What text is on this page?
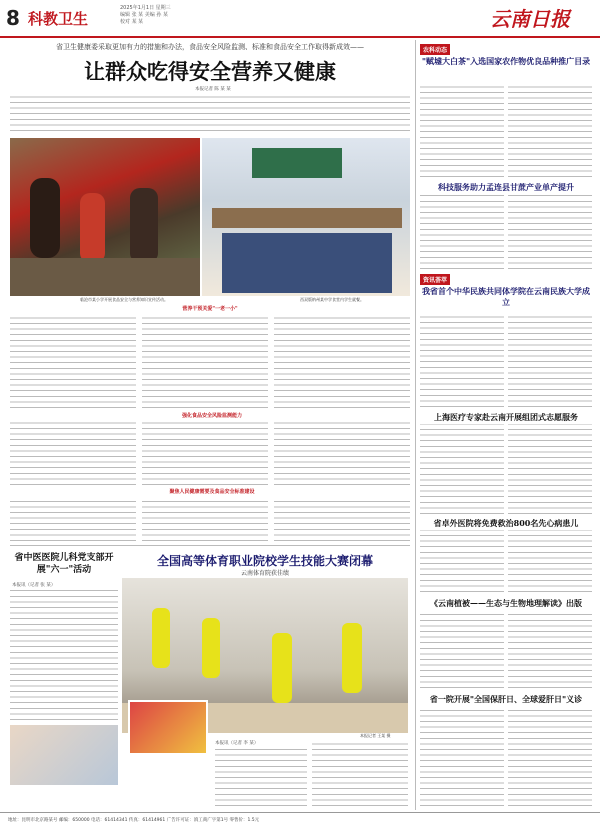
8 科教卫生
2025年1月1日 星期三
编辑 张 某 美编 孙 某
校对 某 某	云南日报
省卫生健康委采取更加有力的措施和办法，食品安全风险监测、标准和食品安全工作取得新成效——
让群众吃得安全营养又健康
本报记者 陈 某 某
临沧市某小学开展食品安全与营养知识宣传活动。	西双版纳州某中学食堂内学生就餐。
营养干预关爱"一老一小"
强化食品安全风险监测能力
聚焦人民健康需要及食品安全标准建设
省中医医院儿科党支部开展"六一"活动
本报讯（记者 张 某）
全国高等体育职业院校学生技能大赛闭幕
云南体育院获佳绩
本报记者 王某 摄
本报讯（记者 李 某）
农科动态
"赋墟大白茶"入选国家农作物优良品种推广目录
科技服务助力孟连县甘蔗产业单产提升
资讯荟萃
我省首个中华民族共同体学院在云南民族大学成立
上海医疗专家赴云南开展组团式志愿服务
省卓外医院将免费救治800名先心病患儿
《云南植被——生态与生物地理解读》出版
省一院开展"全国保肝日、全球爱肝日"义诊
地址：昆明市北京路某号 邮编：650000 电话：61414341 传真：61414961 广告许可证：滇工商广字第1号 零售价：1.5元
